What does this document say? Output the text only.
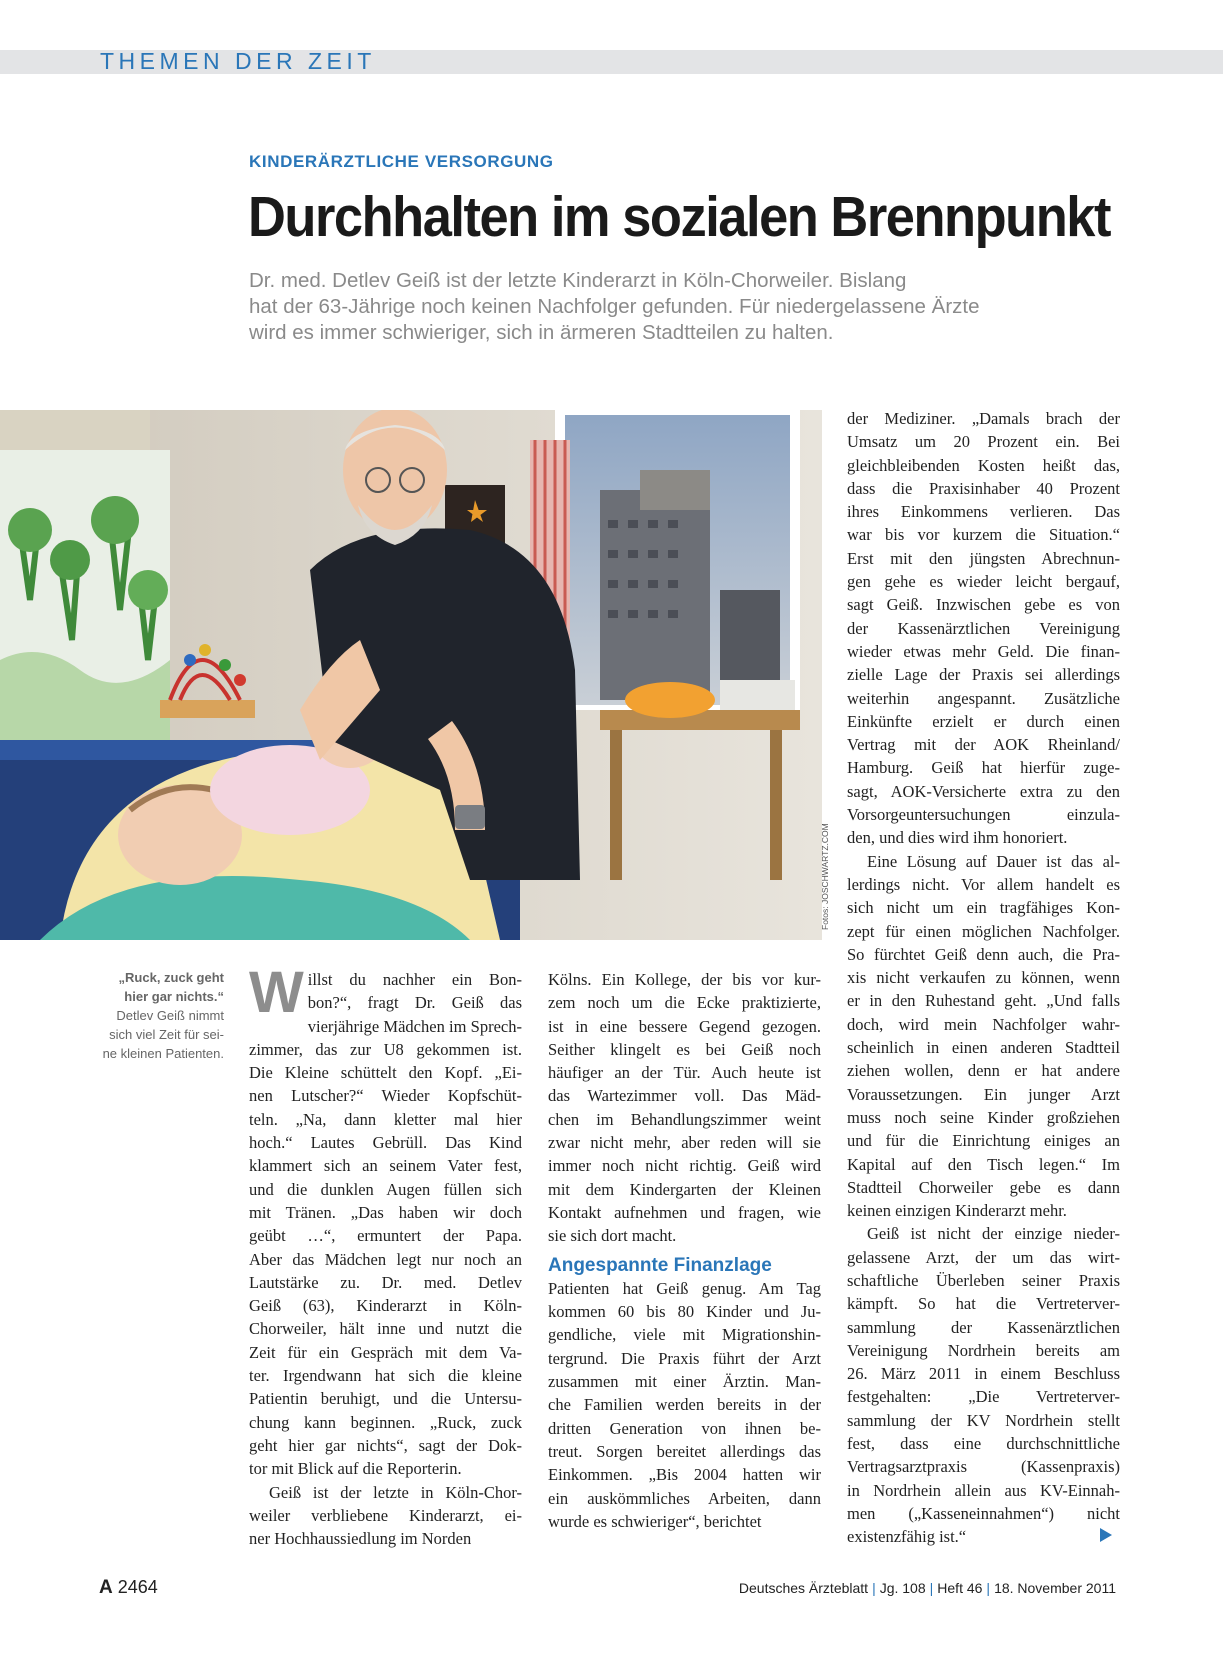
THEMEN DER ZEIT
KINDERÄRZTLICHE VERSORGUNG
Durchhalten im sozialen Brennpunkt
Dr. med. Detlev Geiß ist der letzte Kinderarzt in Köln-Chorweiler. Bislang
hat der 63-Jährige noch keinen Nachfolger gefunden. Für niedergelassene Ärzte
wird es immer schwieriger, sich in ärmeren Stadtteilen zu halten.
Fotos: JOSCHWARTZ.COM
„Ruck, zuck geht
hier gar nichts.“
Detlev Geiß nimmt
sich viel Zeit für sei-
ne kleinen Patienten.
W illst du nachher ein Bon-
bon?“, fragt Dr. Geiß das
vierjährige Mädchen im Sprech-
zimmer, das zur U8 gekommen ist.
Die Kleine schüttelt den Kopf. „Ei-
nen Lutscher?“ Wieder Kopfschüt-
teln. „Na, dann kletter mal hier
hoch.“ Lautes Gebrüll. Das Kind
klammert sich an seinem Vater fest,
und die dunklen Augen füllen sich
mit Tränen. „Das haben wir doch
geübt …“, ermuntert der Papa.
Aber das Mädchen legt nur noch an
Lautstärke zu. Dr. med. Detlev
Geiß (63), Kinderarzt in Köln-
Chorweiler, hält inne und nutzt die
Zeit für ein Gespräch mit dem Va-
ter. Irgendwann hat sich die kleine
Patientin beruhigt, und die Untersu-
chung kann beginnen. „Ruck, zuck
geht hier gar nichts“, sagt der Dok-
tor mit Blick auf die Reporterin.
Geiß ist der letzte in Köln-Chor-
weiler verbliebene Kinderarzt, ei-
ner Hochhaussiedlung im Norden
Kölns. Ein Kollege, der bis vor kur-
zem noch um die Ecke praktizierte,
ist in eine bessere Gegend gezogen.
Seither klingelt es bei Geiß noch
häufiger an der Tür. Auch heute ist
das Wartezimmer voll. Das Mäd-
chen im Behandlungszimmer weint
zwar nicht mehr, aber reden will sie
immer noch nicht richtig. Geiß wird
mit dem Kindergarten der Kleinen
Kontakt aufnehmen und fragen, wie
sie sich dort macht.
Angespannte Finanzlage
Patienten hat Geiß genug. Am Tag
kommen 60 bis 80 Kinder und Ju-
gendliche, viele mit Migrationshin-
tergrund. Die Praxis führt der Arzt
zusammen mit einer Ärztin. Man-
che Familien werden bereits in der
dritten Generation von ihnen be-
treut. Sorgen bereitet allerdings das
Einkommen. „Bis 2004 hatten wir
ein auskömmliches Arbeiten, dann
wurde es schwieriger“, berichtet
der Mediziner. „Damals brach der
Umsatz um 20 Prozent ein. Bei
gleichbleibenden Kosten heißt das,
dass die Praxisinhaber 40 Prozent
ihres Einkommens verlieren. Das
war bis vor kurzem die Situation.“
Erst mit den jüngsten Abrechnun-
gen gehe es wieder leicht bergauf,
sagt Geiß. Inzwischen gebe es von
der Kassenärztlichen Vereinigung
wieder etwas mehr Geld. Die finan-
zielle Lage der Praxis sei allerdings
weiterhin angespannt. Zusätzliche
Einkünfte erzielt er durch einen
Vertrag mit der AOK Rheinland/
Hamburg. Geiß hat hierfür zuge-
sagt, AOK-Versicherte extra zu den
Vorsorgeuntersuchungen einzula-
den, und dies wird ihm honoriert.
Eine Lösung auf Dauer ist das al-
lerdings nicht. Vor allem handelt es
sich nicht um ein tragfähiges Kon-
zept für einen möglichen Nachfolger.
So fürchtet Geiß denn auch, die Pra-
xis nicht verkaufen zu können, wenn
er in den Ruhestand geht. „Und falls
doch, wird mein Nachfolger wahr-
scheinlich in einen anderen Stadtteil
ziehen wollen, denn er hat andere
Voraussetzungen. Ein junger Arzt
muss noch seine Kinder großziehen
und für die Einrichtung einiges an
Kapital auf den Tisch legen.“ Im
Stadtteil Chorweiler gebe es dann
keinen einzigen Kinderarzt mehr.
Geiß ist nicht der einzige nieder-
gelassene Arzt, der um das wirt-
schaftliche Überleben seiner Praxis
kämpft. So hat die Vertreterver-
sammlung der Kassenärztlichen
Vereinigung Nordrhein bereits am
26. März 2011 in einem Beschluss
festgehalten: „Die Vertreterver-
sammlung der KV Nordrhein stellt
fest, dass eine durchschnittliche
Vertragsarztpraxis (Kassenpraxis)
in Nordrhein allein aus KV-Einnah-
men („Kasseneinnahmen“) nicht
existenzfähig ist.“
A 2464	Deutsches Ärzteblatt | Jg. 108 | Heft 46 | 18. November 2011
